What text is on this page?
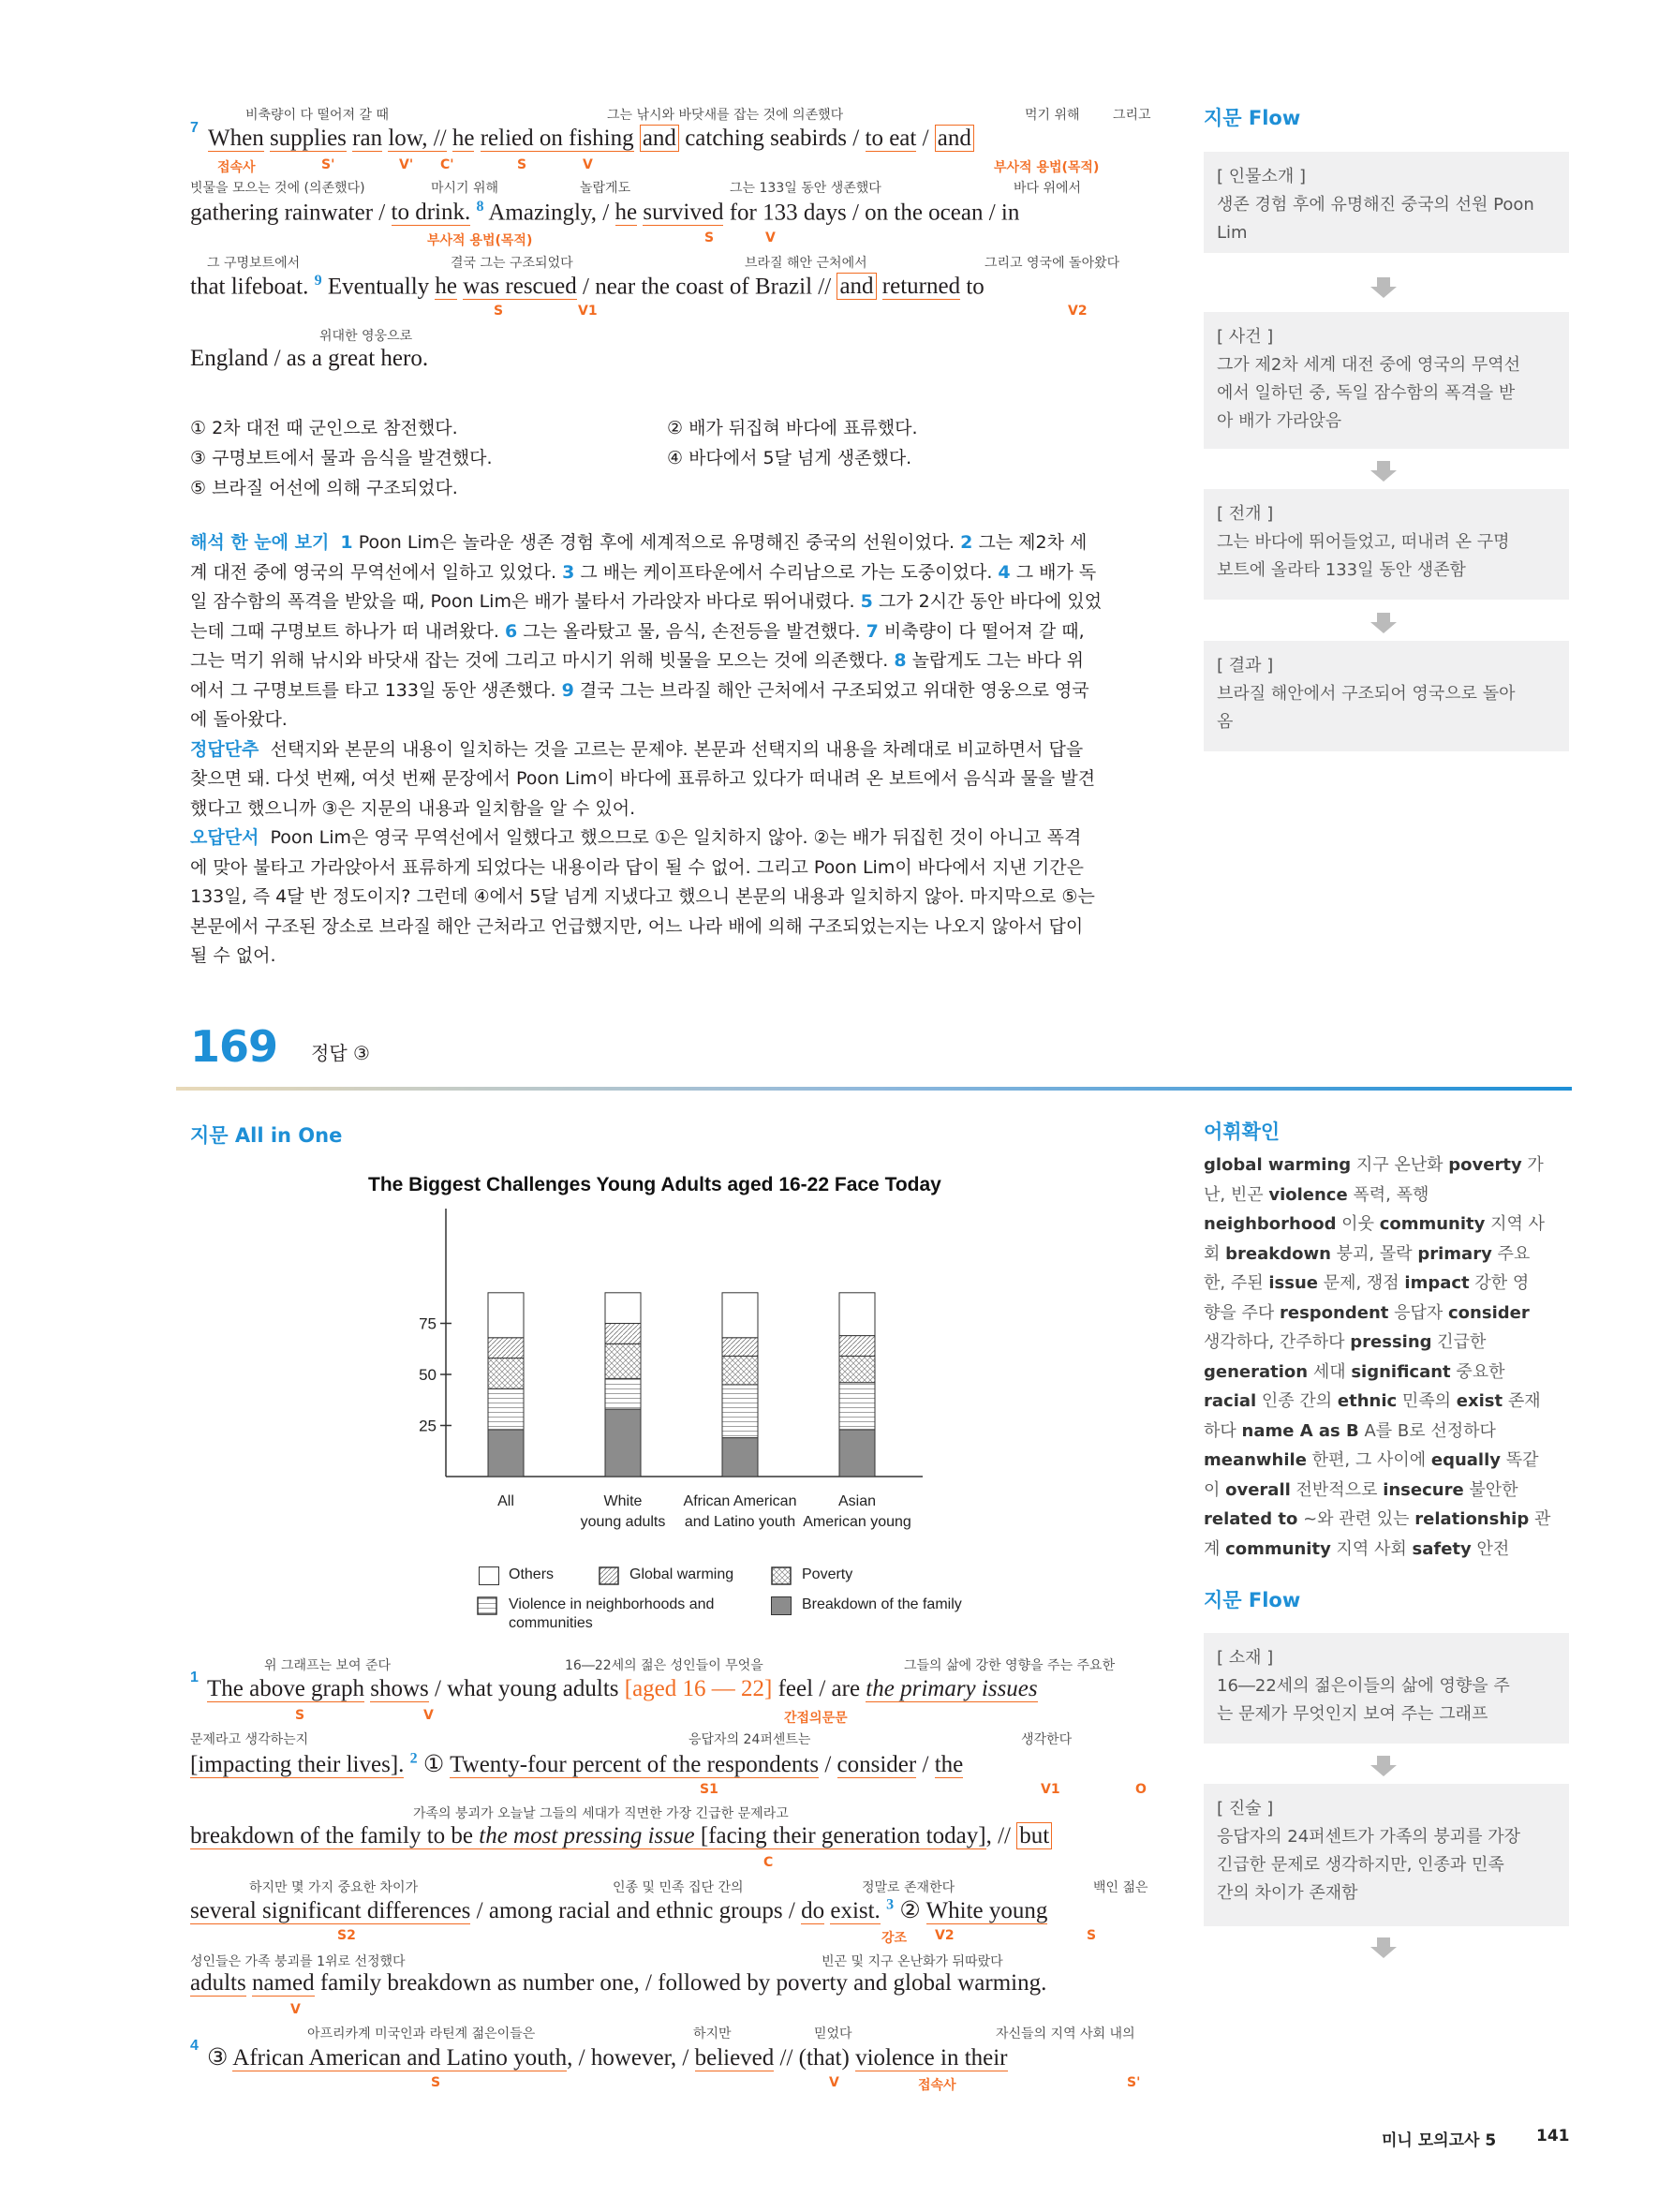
비축량이 다 떨어져 갈 때	그는 낚시와 바닷새를 잡는 것에 의존했다	먹기 위해	그리고
7 When supplies ran low, // he relied on fishing and catching seabirds / to eat / and
접속사	S'	V' C'	S	V	부사적 용법(목적)
빗물을 모으는 것에 (의존했다)	마시기 위해	놀랍게도	그는 133일 동안 생존했다	바다 위에서
gathering rainwater / to drink. $^8$ Amazingly, / he survived for 133 days / on the ocean / in
부사적 용법(목적)	S	V
그 구명보트에서	결국 그는 구조되었다	브라질 해안 근처에서	그리고 영국에 돌아왔다
that lifeboat. $^9$ Eventually he was rescued / near the coast of Brazil // and returned to
S	V1	V2
위대한 영웅으로
England / as a great hero.
① 2차 대전 때 군인으로 참전했다.	② 배가 뒤집혀 바다에 표류했다.
③ 구명보트에서 물과 음식을 발견했다.	④ 바다에서 5달 넘게 생존했다.
⑤ 브라질 어선에 의해 구조되었다.
해석 한 눈에 보기 1 Poon Lim은 놀라운 생존 경험 후에 세계적으로 유명해진 중국의 선원이었다. 2 그는 제2차 세
계 대전 중에 영국의 무역선에서 일하고 있었다. 3 그 배는 케이프타운에서 수리남으로 가는 도중이었다. 4 그 배가 독
일 잠수함의 폭격을 받았을 때, Poon Lim은 배가 불타서 가라앉자 바다로 뛰어내렸다. 5 그가 2시간 동안 바다에 있었
는데 그때 구명보트 하나가 떠 내려왔다. 6 그는 올라탔고 물, 음식, 손전등을 발견했다. 7 비축량이 다 떨어져 갈 때,
그는 먹기 위해 낚시와 바닷새 잡는 것에 그리고 마시기 위해 빗물을 모으는 것에 의존했다. 8 놀랍게도 그는 바다 위
에서 그 구명보트를 타고 133일 동안 생존했다. 9 결국 그는 브라질 해안 근처에서 구조되었고 위대한 영웅으로 영국
에 돌아왔다.
정답단추 선택지와 본문의 내용이 일치하는 것을 고르는 문제야. 본문과 선택지의 내용을 차례대로 비교하면서 답을
찾으면 돼. 다섯 번째, 여섯 번째 문장에서 Poon Lim이 바다에 표류하고 있다가 떠내려 온 보트에서 음식과 물을 발견
했다고 했으니까 ③은 지문의 내용과 일치함을 알 수 있어.
오답단서 Poon Lim은 영국 무역선에서 일했다고 했으므로 ①은 일치하지 않아. ②는 배가 뒤집힌 것이 아니고 폭격
에 맞아 불타고 가라앉아서 표류하게 되었다는 내용이라 답이 될 수 없어. 그리고 Poon Lim이 바다에서 지낸 기간은
133일, 즉 4달 반 정도이지? 그런데 ④에서 5달 넘게 지냈다고 했으니 본문의 내용과 일치하지 않아. 마지막으로 ⑤는
본문에서 구조된 장소로 브라질 해안 근처라고 언급했지만, 어느 나라 배에 의해 구조되었는지는 나오지 않아서 답이
될 수 없어.
지문 Flow
[ 인물소개 ]
생존 경험 후에 유명해진 중국의 선원 Poon
Lim
[ 사건 ]
그가 제2차 세계 대전 중에 영국의 무역선
에서 일하던 중, 독일 잠수함의 폭격을 받
아 배가 가라앉음
[ 전개 ]
그는 바다에 뛰어들었고, 떠내려 온 구명
보트에 올라타 133일 동안 생존함
[ 결과 ]
브라질 해안에서 구조되어 영국으로 돌아
옴
169 정답 ③
지문 All in One
The Biggest Challenges Young Adults aged 16-22 Face Today
25
50
75
All	White
young adults
African American
and Latino youth
Asian
American young
Others	Global warming	Poverty
Violence in neighborhoods and
communities
Breakdown of the family
위 그래프는 보여 준다	16―22세의 젊은 성인들이 무엇을	그들의 삶에 강한 영향을 주는 주요한
1 The above graph shows / what young adults [aged 16 — 22] feel / are the primary issues
S	V	간접의문문
문제라고 생각하는지	응답자의 24퍼센트는	생각한다
[impacting their lives]. $^2$ ① Twenty-four percent of the respondents / consider / the
S1	V1	O
가족의 붕괴가 오늘날 그들의 세대가 직면한 가장 긴급한 문제라고
breakdown of the family to be the most pressing issue [facing their generation today], // but
C
하지만 몇 가지 중요한 차이가	인종 및 민족 집단 간의	정말로 존재한다	백인 젊은
several significant differences / among racial and ethnic groups / do exist. $^3$ ② White young
S2	강조 V2	S
성인들은 가족 붕괴를 1위로 선정했다	빈곤 및 지구 온난화가 뒤따랐다
adults named family breakdown as number one, / followed by poverty and global warming.
V
아프리카계 미국인과 라틴계 젊은이들은	하지만	믿었다	자신들의 지역 사회 내의
4 ③ African American and Latino youth, / however, / believed // (that) violence in their
S	V	접속사	S'
어휘확인
global warming 지구 온난화 poverty 가
난, 빈곤 violence 폭력, 폭행
neighborhood 이웃 community 지역 사
회 breakdown 붕괴, 몰락 primary 주요
한, 주된 issue 문제, 쟁점 impact 강한 영
향을 주다 respondent 응답자 consider
생각하다, 간주하다 pressing 긴급한
generation 세대 significant 중요한
racial 인종 간의 ethnic 민족의 exist 존재
하다 name A as B A를 B로 선정하다
meanwhile 한편, 그 사이에 equally 똑같
이 overall 전반적으로 insecure 불안한
related to ~와 관련 있는 relationship 관
계 community 지역 사회 safety 안전
지문 Flow
[ 소재 ]
16―22세의 젊은이들의 삶에 영향을 주
는 문제가 무엇인지 보여 주는 그래프
[ 진술 ]
응답자의 24퍼센트가 가족의 붕괴를 가장
긴급한 문제로 생각하지만, 인종과 민족
간의 차이가 존재함
미니 모의고사 5	141
